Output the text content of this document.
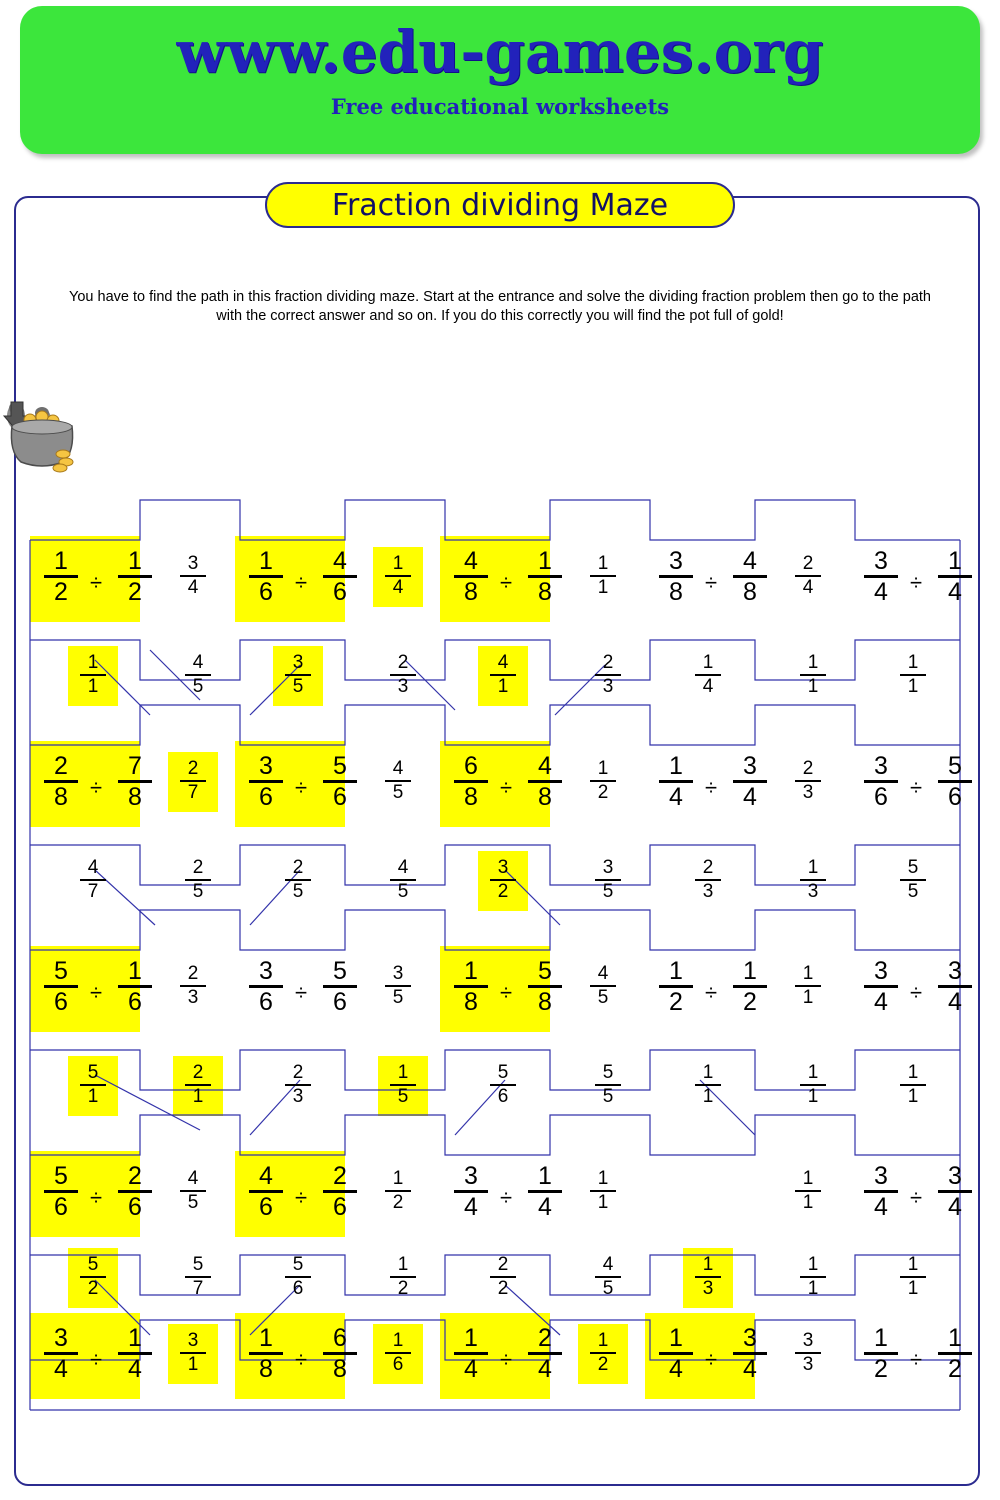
www.edu-games.org
Free educational worksheets
Fraction dividing Maze
You have to find the path in this fraction dividing maze. Start at the entrance and solve the dividing fraction problem then go to the path with the correct answer and so on. If you do this correctly you will find the pot full of gold!
1
2	÷
1
2
1
6	÷
4
6
4
8	÷
1
8
3
8	÷
4
8
3
4	÷
1
4
2
8	÷
7
8
3
6	÷
5
6
6
8	÷
4
8
1
4	÷
3
4
3
6	÷
5
6
5
6	÷
1
6
3
6	÷
5
6
1
8	÷
5
8
1
2	÷
1
2
3
4	÷
3
4
5
6	÷
2
6
4
6	÷
2
6
3
4	÷
1
4
3
4	÷
3
4
3
4	÷
1
4
1
8	÷
6
8
1
4	÷
2
4
1
4	÷
3
4
1
2	÷
1
2
3
4
1
4
1
1
2
4
2
7
4
5
1
2
2
3
2
3
3
5
4
5
1
1
4
5
1
2
1
1
1
1
3
1
1
6
1
2
3
3
1
1
4
5
3
5
2
3
4
1
2
3
1
4
1
1
1
1
4
7
2
5
2
5
4
5
3
2
3
5
2
3
1
3
5
5
5
1
2
1
2
3
1
5
5
6
5
5
1
1
1
1
1
1
5
2
5
7
5
6
1
2
2
2
4
5
1
3
1
1
1
1
